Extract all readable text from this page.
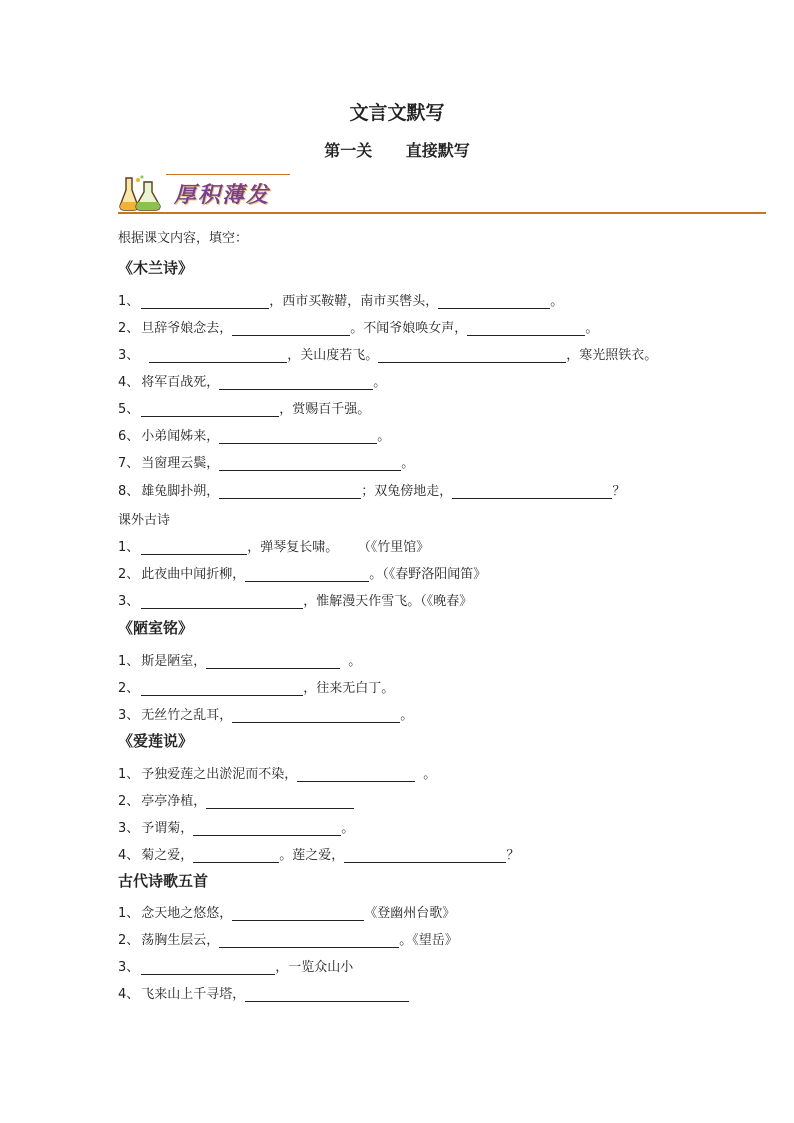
文言文默写
第一关 直接默写
厚积薄发
根据课文内容，填空：
《木兰诗》
1、	，西市买鞍鞯，南市买辔头，	。
2、 旦辞爷娘念去，	。不闻爷娘唤女声，	。
3、	，关山度若飞。	，寒光照铁衣。
4、 将军百战死，	。
5、	，赏赐百千强。
6、 小弟闻姊来，	。
7、 当窗理云鬓，	。
8、 雄兔脚扑朔，	；双兔傍地走，	？
课外古诗
1、	，弹琴复长啸。 （《竹里馆》
2、 此夜曲中闻折柳，	。（《春野洛阳闻笛》
3、	，惟解漫天作雪飞。（《晚春》
《陋室铭》
1、 斯是陋室，	。
2、	，往来无白丁。
3、 无丝竹之乱耳，	。
《爱莲说》
1、 予独爱莲之出淤泥而不染，	。
2、 亭亭净植，
3、 予谓菊，	。
4、 菊之爱，	。莲之爱，	？
古代诗歌五首
1、 念天地之悠悠，	《登幽州台歌》
2、 荡胸生层云，	。《望岳》
3、	，一览众山小
4、 飞来山上千寻塔，
